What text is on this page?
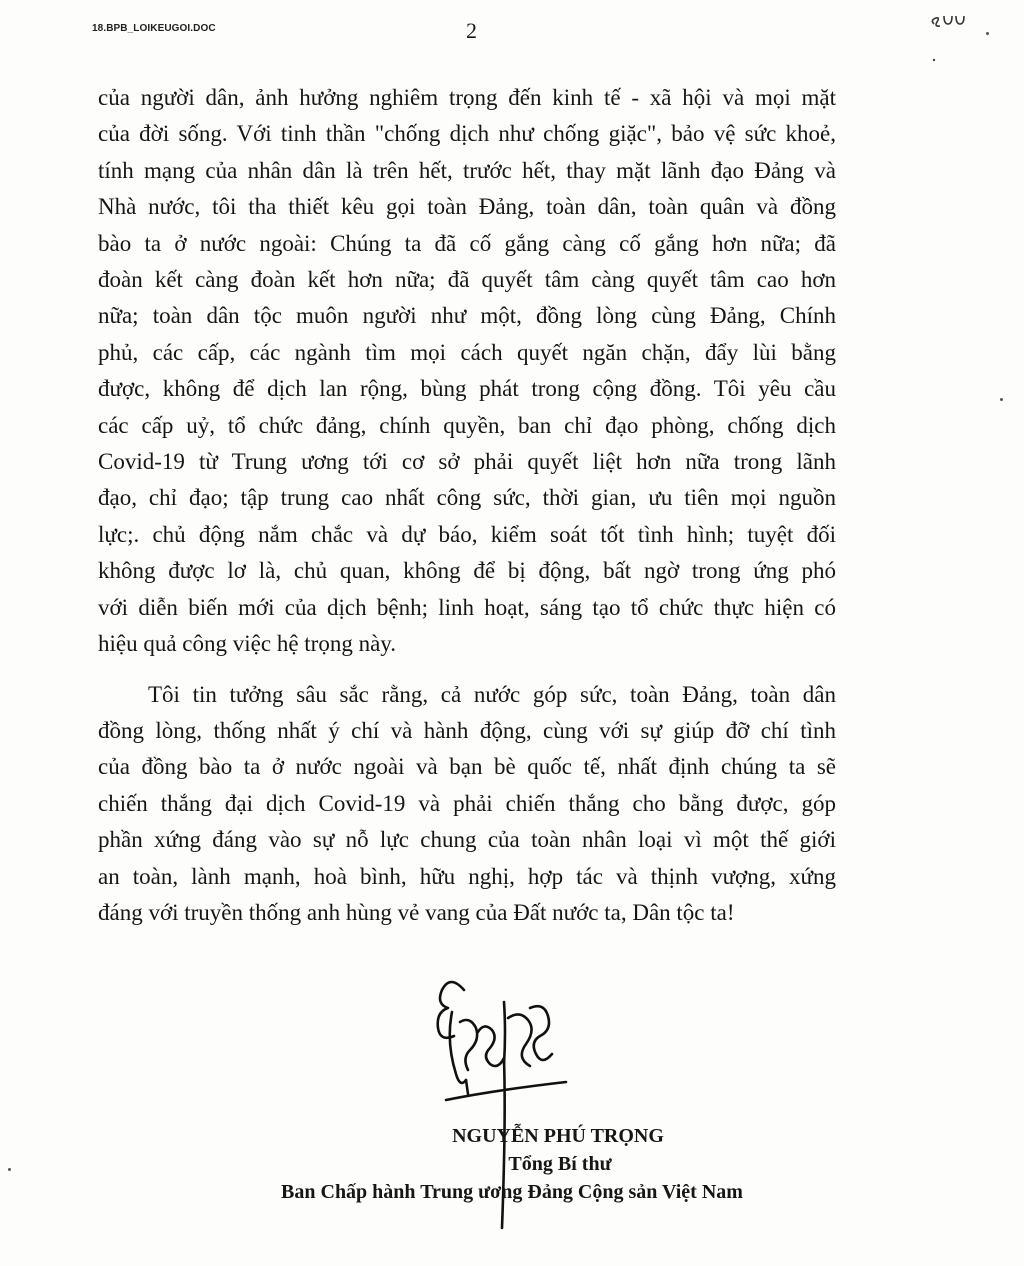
18.BPB_LOIKEUGOI.DOC	2
của người dân, ảnh hưởng nghiêm trọng đến kinh tế - xã hội và mọi mặt
của đời sống. Với tinh thần "chống dịch như chống giặc", bảo vệ sức khoẻ,
tính mạng của nhân dân là trên hết, trước hết, thay mặt lãnh đạo Đảng và
Nhà nước, tôi tha thiết kêu gọi toàn Đảng, toàn dân, toàn quân và đồng
bào ta ở nước ngoài: Chúng ta đã cố gắng càng cố gắng hơn nữa; đã
đoàn kết càng đoàn kết hơn nữa; đã quyết tâm càng quyết tâm cao hơn
nữa; toàn dân tộc muôn người như một, đồng lòng cùng Đảng, Chính
phủ, các cấp, các ngành tìm mọi cách quyết ngăn chặn, đẩy lùi bằng
được, không để dịch lan rộng, bùng phát trong cộng đồng. Tôi yêu cầu
các cấp uỷ, tổ chức đảng, chính quyền, ban chỉ đạo phòng, chống dịch
Covid-19 từ Trung ương tới cơ sở phải quyết liệt hơn nữa trong lãnh
đạo, chỉ đạo; tập trung cao nhất công sức, thời gian, ưu tiên mọi nguồn
lực;. chủ động nắm chắc và dự báo, kiểm soát tốt tình hình; tuyệt đối
không được lơ là, chủ quan, không để bị động, bất ngờ trong ứng phó
với diễn biến mới của dịch bệnh; linh hoạt, sáng tạo tổ chức thực hiện có
hiệu quả công việc hệ trọng này.
Tôi tin tưởng sâu sắc rằng, cả nước góp sức, toàn Đảng, toàn dân
đồng lòng, thống nhất ý chí và hành động, cùng với sự giúp đỡ chí tình
của đồng bào ta ở nước ngoài và bạn bè quốc tế, nhất định chúng ta sẽ
chiến thắng đại dịch Covid-19 và phải chiến thắng cho bằng được, góp
phần xứng đáng vào sự nỗ lực chung của toàn nhân loại vì một thế giới
an toàn, lành mạnh, hoà bình, hữu nghị, hợp tác và thịnh vượng, xứng
đáng với truyền thống anh hùng vẻ vang của Đất nước ta, Dân tộc ta!
NGUYỄN PHÚ TRỌNG
Tổng Bí thư
Ban Chấp hành Trung ương Đảng Cộng sản Việt Nam
